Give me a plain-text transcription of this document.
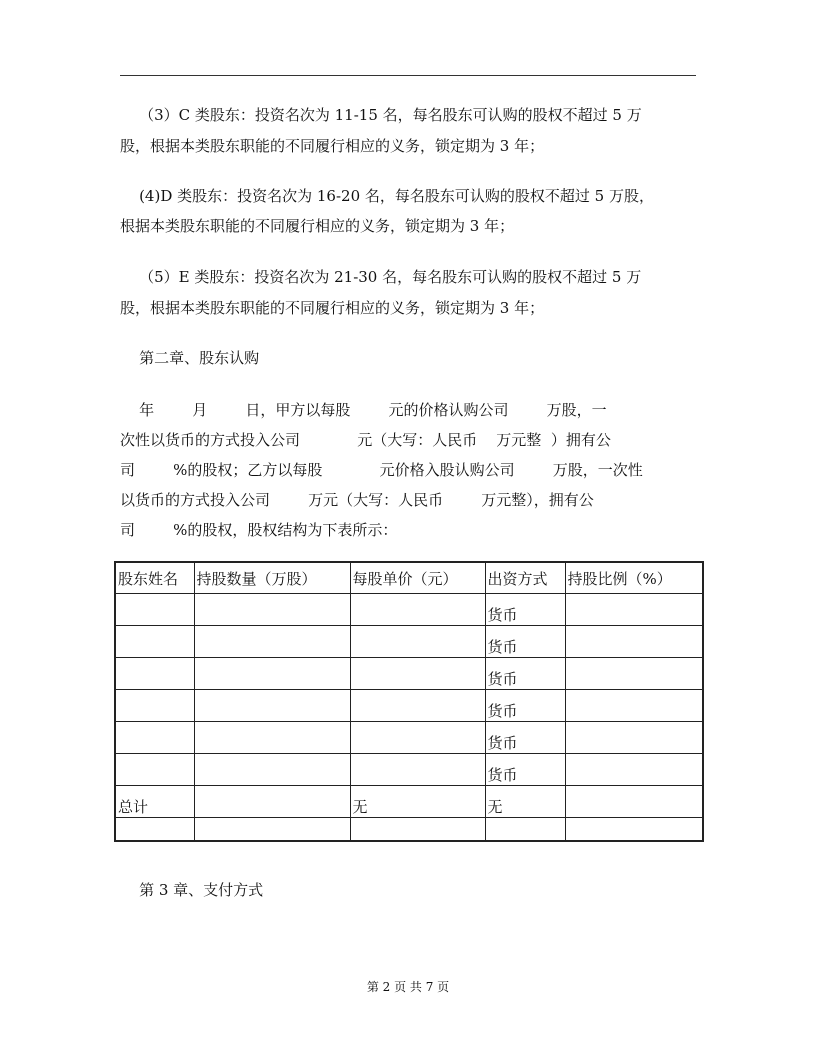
（3）C 类股东：投资名次为 11-15 名，每名股东可认购的股权不超过 5 万

股，根据本类股东职能的不同履行相应的义务，锁定期为 3 年；

(4)D 类股东：投资名次为 16-20 名，每名股东可认购的股权不超过 5 万股，

根据本类股东职能的不同履行相应的义务，锁定期为 3 年；

（5）E 类股东：投资名次为 21-30 名，每名股东可认购的股权不超过 5 万

股，根据本类股东职能的不同履行相应的义务，锁定期为 3 年；

第二章、股东认购

年        月        日，甲方以每股        元的价格认购公司        万股，一

次性以货币的方式投入公司            元（大写：人民币    万元整  ）拥有公

司        %的股权；乙方以每股            元价格入股认购公司        万股，一次性

以货币的方式投入公司        万元（大写：人民币        万元整），拥有公

司        %的股权，股权结构为下表所示：

股东姓名	持股数量（万股）	每股单价（元）	出资方式	持股比例（%）
			货币	
			货币	
			货币	
			货币	
			货币	
			货币	
总计		无	无	

第 3 章、支付方式

第 2 页 共 7 页
